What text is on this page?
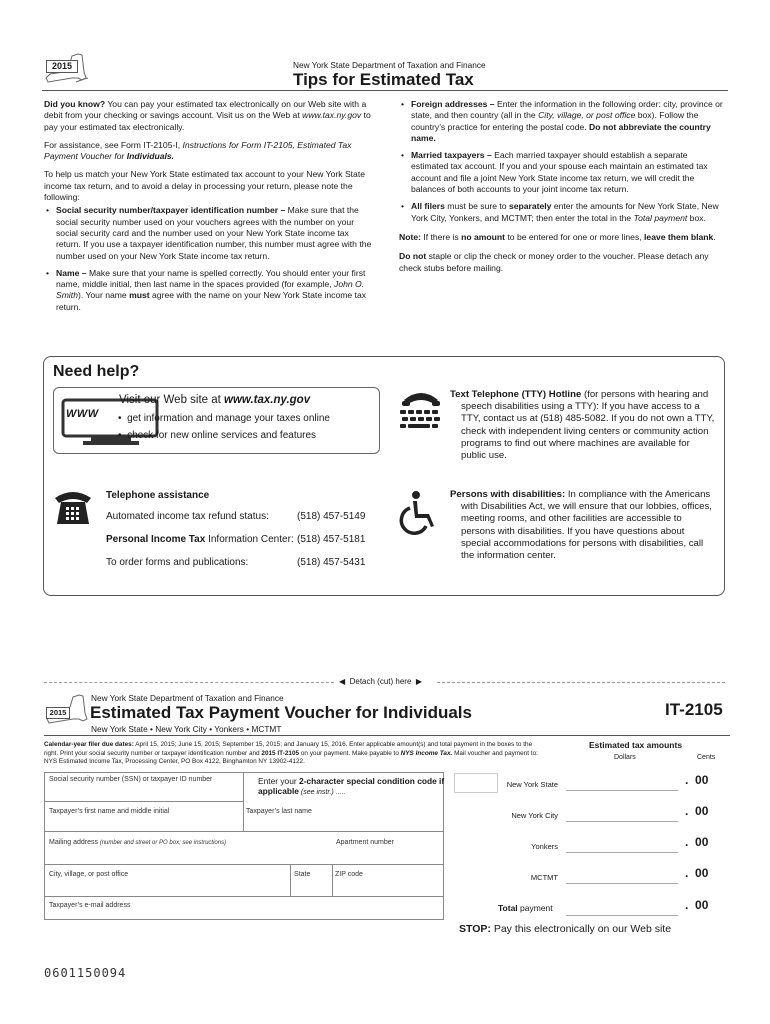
2015	New York State Department of Taxation and Finance
Tips for Estimated Tax

Did you know? You can pay your estimated tax electronically on our Web site with a debit from your checking or savings account. Visit us on the Web at www.tax.ny.gov to pay your estimated tax electronically.

For assistance, see Form IT-2105-I, Instructions for Form IT-2105, Estimated Tax Payment Voucher for Individuals.

To help us match your New York State estimated tax account to your New York State income tax return, and to avoid a delay in processing your return, please note the following:

• Social security number/taxpayer identification number – Make sure that the social security number used on your vouchers agrees with the number on your social security card and the number used on your New York State income tax return. If you use a taxpayer identification number, this number must agree with the number used on your New York State income tax return.
• Name – Make sure that your name is spelled correctly. You should enter your first name, middle initial, then last name in the spaces provided (for example, John O. Smith). Your name must agree with the name on your New York State income tax return.
• Foreign addresses – Enter the information in the following order: city, province or state, and then country (all in the City, village, or post office box). Follow the country’s practice for entering the postal code. Do not abbreviate the country name.
• Married taxpayers – Each married taxpayer should establish a separate estimated tax account. If you and your spouse each maintain an estimated tax account and file a joint New York State income tax return, we will credit the balances of both accounts to your joint income tax return.
• All filers must be sure to separately enter the amounts for New York State, New York City, Yonkers, and MCTMT; then enter the total in the Total payment box.

Note: If there is no amount to be entered for one or more lines, leave them blank.

Do not staple or clip the check or money order to the voucher. Please detach any check stubs before mailing.

Need help?
WWW
Visit our Web site at www.tax.ny.gov
•  get information and manage your taxes online
•  check for new online services and features
Text Telephone (TTY) Hotline (for persons with hearing and speech disabilities using a TTY): If you have access to a TTY, contact us at (518) 485-5082. If you do not own a TTY, check with independent living centers or community action programs to find out where machines are available for public use.
Telephone assistance
Automated income tax refund status:	(518) 457-5149
Personal Income Tax Information Center: (518) 457-5181
To order forms and publications:	(518) 457-5431
Persons with disabilities: In compliance with the Americans with Disabilities Act, we will ensure that our lobbies, offices, meeting rooms, and other facilities are accessible to persons with disabilities. If you have questions about special accommodations for persons with disabilities, call the information center.
◀  Detach (cut) here  ▶
2015
New York State Department of Taxation and Finance
Estimated Tax Payment Voucher for Individuals
New York State • New York City • Yonkers • MCTMT
IT-2105
Calendar-year filer due dates: April 15, 2015; June 15, 2015; September 15, 2015; and January 15, 2016. Enter applicable amount(s) and total payment in the boxes to the right. Print your social security number or taxpayer identification number and 2015 IT-2105 on your payment. Make payable to NYS Income Tax. Mail voucher and payment to: NYS Estimated Income Tax, Processing Center, PO Box 4122, Binghamton NY 13902-4122.
Social security number (SSN) or taxpayer ID number	Enter your 2-character special condition code if applicable (see instr.) .....
Taxpayer’s first name and middle initial	Taxpayer’s last name
Mailing address (number and street or PO box; see instructions)	Apartment number
City, village, or post office	State	ZIP code
Taxpayer’s e-mail address
Estimated tax amounts
Dollars	Cents
New York State	.  00
New York City	.  00
Yonkers	.  00
MCTMT	.  00
Total payment	.  00
STOP: Pay this electronically on our Web site
0601150094
